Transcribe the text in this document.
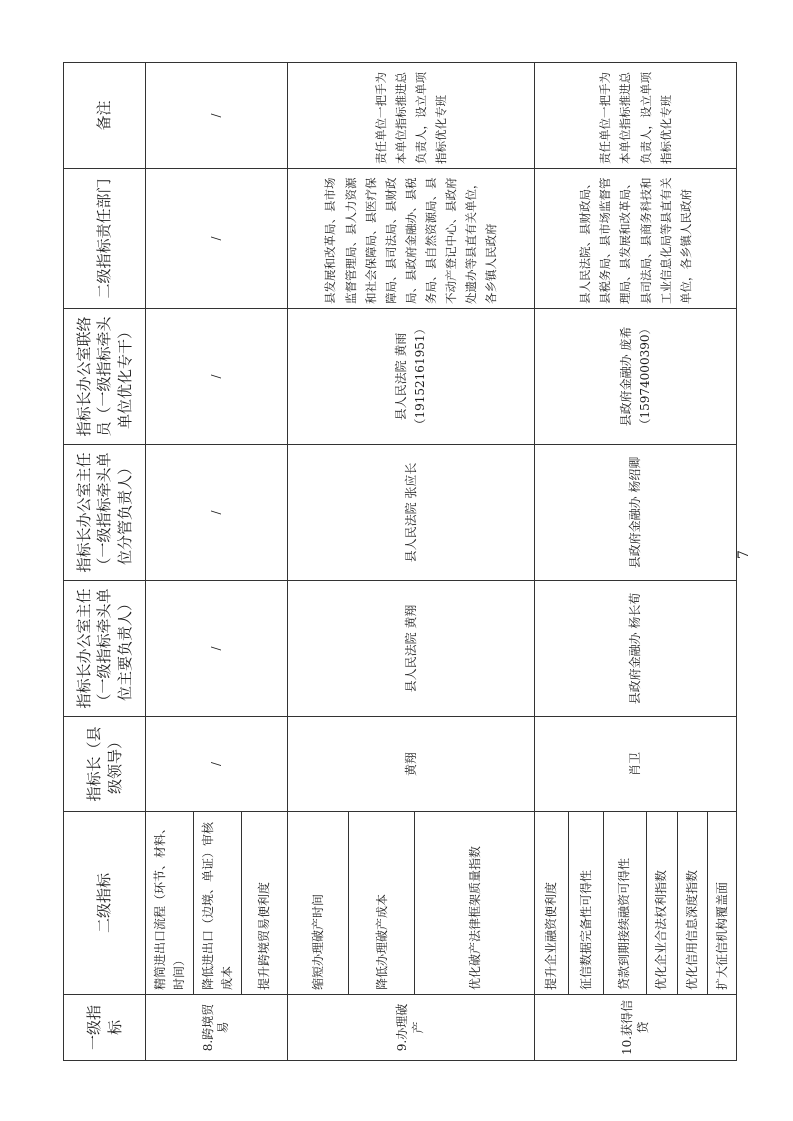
一级指标	二级指标	指标长（县级领导）	指标长办公室主任（一级指标牵头单位主要负责人）	指标长办公室主任（一级指标牵头单位分管负责人）	指标长办公室联络员（一级指标牵头单位优化专干）	二级指标责任部门	备注
8.跨境贸易	精简进出口流程（环节、材料、时间）	/	/	/	/	/	/
	降低进出口（边境、单证）审核成本						
	提升跨境贸易便利度						
9.办理破产	缩短办理破产时间	黄翔	县人民法院 黄翔	县人民法院 张应长	县人民法院 黄雨（19152161951）	县发展和改革局、县市场监督管理局、县人力资源和社会保障局、县医疗保障局、县司法局、县财政局、县政府金融办、县税务局、县自然资源局、县不动产登记中心、县政府处遗办等县直有关单位，各乡镇人民政府	责任单位一把手为本单位指标推进总负责人，设立单项指标优化专班
	降低办理破产成本						
	优化破产法律框架质量指数						
10.获得信贷	提升企业融资便利度	肖卫	县政府金融办 杨长荀	县政府金融办 杨绍卿	县政府金融办 庞希（15974000390）	县人民法院、县财政局、县税务局、县市场监督管理局、县发展和改革局、县司法局、县商务科技和工业信息化局等县直有关单位，各乡镇人民政府	责任单位一把手为本单位指标推进总负责人，设立单项指标优化专班
	征信数据完备性可得性						
	贷款到期接续融资可得性						
	优化企业合法权利指数						
	优化信用信息深度指数						
	扩大征信机构覆盖面						
7
